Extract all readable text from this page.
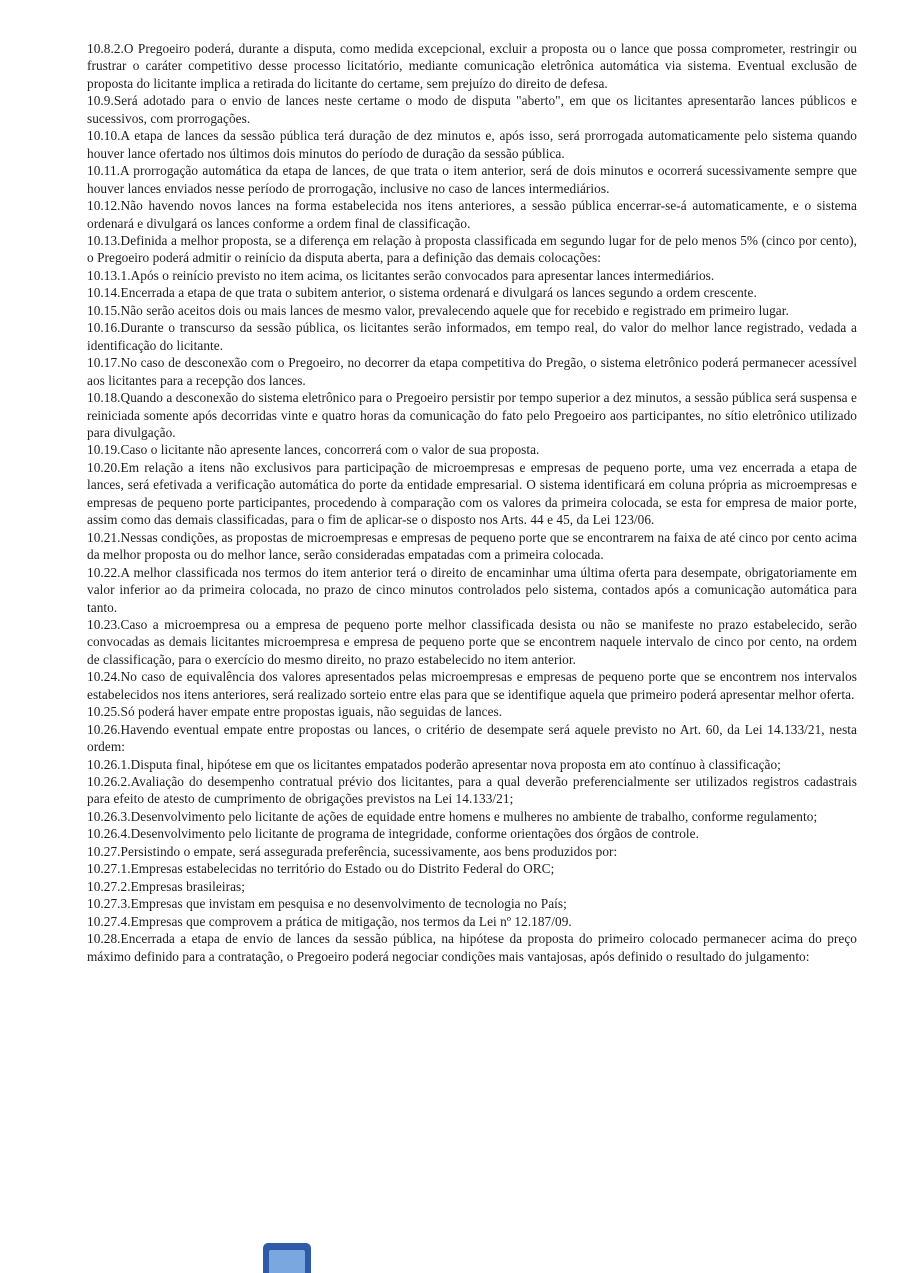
10.8.2.O Pregoeiro poderá, durante a disputa, como medida excepcional, excluir a proposta ou o lance que possa comprometer, restringir ou frustrar o caráter competitivo desse processo licitatório, mediante comunicação eletrônica automática via sistema. Eventual exclusão de proposta do licitante implica a retirada do licitante do certame, sem prejuízo do direito de defesa.

10.9.Será adotado para o envio de lances neste certame o modo de disputa "aberto", em que os licitantes apresentarão lances públicos e sucessivos, com prorrogações.

10.10.A etapa de lances da sessão pública terá duração de dez minutos e, após isso, será prorrogada automaticamente pelo sistema quando houver lance ofertado nos últimos dois minutos do período de duração da sessão pública.

10.11.A prorrogação automática da etapa de lances, de que trata o item anterior, será de dois minutos e ocorrerá sucessivamente sempre que houver lances enviados nesse período de prorrogação, inclusive no caso de lances intermediários.

10.12.Não havendo novos lances na forma estabelecida nos itens anteriores, a sessão pública encerrar-se-á automaticamente, e o sistema ordenará e divulgará os lances conforme a ordem final de classificação.

10.13.Definida a melhor proposta, se a diferença em relação à proposta classificada em segundo lugar for de pelo menos 5% (cinco por cento), o Pregoeiro poderá admitir o reinício da disputa aberta, para a definição das demais colocações:

10.13.1.Após o reinício previsto no item acima, os licitantes serão convocados para apresentar lances intermediários.

10.14.Encerrada a etapa de que trata o subitem anterior, o sistema ordenará e divulgará os lances segundo a ordem crescente.

10.15.Não serão aceitos dois ou mais lances de mesmo valor, prevalecendo aquele que for recebido e registrado em primeiro lugar.

10.16.Durante o transcurso da sessão pública, os licitantes serão informados, em tempo real, do valor do melhor lance registrado, vedada a identificação do licitante.

10.17.No caso de desconexão com o Pregoeiro, no decorrer da etapa competitiva do Pregão, o sistema eletrônico poderá permanecer acessível aos licitantes para a recepção dos lances.

10.18.Quando a desconexão do sistema eletrônico para o Pregoeiro persistir por tempo superior a dez minutos, a sessão pública será suspensa e reiniciada somente após decorridas vinte e quatro horas da comunicação do fato pelo Pregoeiro aos participantes, no sítio eletrônico utilizado para divulgação.

10.19.Caso o licitante não apresente lances, concorrerá com o valor de sua proposta.

10.20.Em relação a itens não exclusivos para participação de microempresas e empresas de pequeno porte, uma vez encerrada a etapa de lances, será efetivada a verificação automática do porte da entidade empresarial. O sistema identificará em coluna própria as microempresas e empresas de pequeno porte participantes, procedendo à comparação com os valores da primeira colocada, se esta for empresa de maior porte, assim como das demais classificadas, para o fim de aplicar-se o disposto nos Arts. 44 e 45, da Lei 123/06.

10.21.Nessas condições, as propostas de microempresas e empresas de pequeno porte que se encontrarem na faixa de até cinco por cento acima da melhor proposta ou do melhor lance, serão consideradas empatadas com a primeira colocada.

10.22.A melhor classificada nos termos do item anterior terá o direito de encaminhar uma última oferta para desempate, obrigatoriamente em valor inferior ao da primeira colocada, no prazo de cinco minutos controlados pelo sistema, contados após a comunicação automática para tanto.

10.23.Caso a microempresa ou a empresa de pequeno porte melhor classificada desista ou não se manifeste no prazo estabelecido, serão convocadas as demais licitantes microempresa e empresa de pequeno porte que se encontrem naquele intervalo de cinco por cento, na ordem de classificação, para o exercício do mesmo direito, no prazo estabelecido no item anterior.

10.24.No caso de equivalência dos valores apresentados pelas microempresas e empresas de pequeno porte que se encontrem nos intervalos estabelecidos nos itens anteriores, será realizado sorteio entre elas para que se identifique aquela que primeiro poderá apresentar melhor oferta.

10.25.Só poderá haver empate entre propostas iguais, não seguidas de lances.

10.26.Havendo eventual empate entre propostas ou lances, o critério de desempate será aquele previsto no Art. 60, da Lei 14.133/21, nesta ordem:

10.26.1.Disputa final, hipótese em que os licitantes empatados poderão apresentar nova proposta em ato contínuo à classificação;

10.26.2.Avaliação do desempenho contratual prévio dos licitantes, para a qual deverão preferencialmente ser utilizados registros cadastrais para efeito de atesto de cumprimento de obrigações previstos na Lei 14.133/21;

10.26.3.Desenvolvimento pelo licitante de ações de equidade entre homens e mulheres no ambiente de trabalho, conforme regulamento;

10.26.4.Desenvolvimento pelo licitante de programa de integridade, conforme orientações dos órgãos de controle.

10.27.Persistindo o empate, será assegurada preferência, sucessivamente, aos bens produzidos por:

10.27.1.Empresas estabelecidas no território do Estado ou do Distrito Federal do ORC;

10.27.2.Empresas brasileiras;

10.27.3.Empresas que invistam em pesquisa e no desenvolvimento de tecnologia no País;

10.27.4.Empresas que comprovem a prática de mitigação, nos termos da Lei nº 12.187/09.

10.28.Encerrada a etapa de envio de lances da sessão pública, na hipótese da proposta do primeiro colocado permanecer acima do preço máximo definido para a contratação, o Pregoeiro poderá negociar condições mais vantajosas, após definido o resultado do julgamento:
